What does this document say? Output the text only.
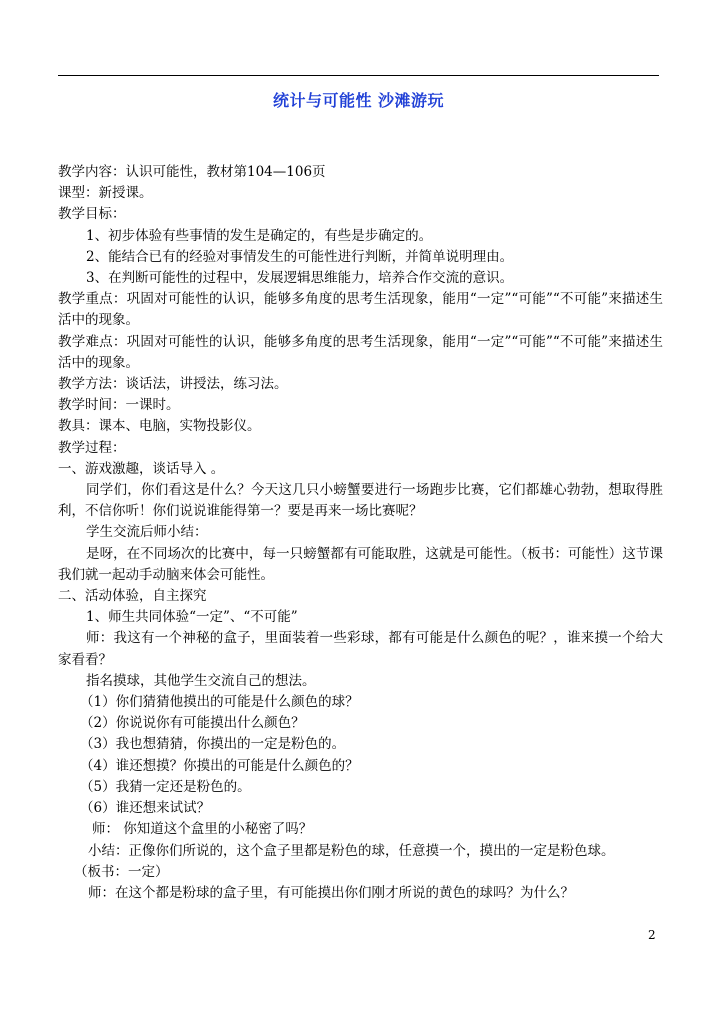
统计与可能性 沙滩游玩

教学内容：认识可能性，教材第104—106页

课型：新授课。

教学目标：

1、初步体验有些事情的发生是确定的，有些是步确定的。

2、能结合已有的经验对事情发生的可能性进行判断，并简单说明理由。

3、在判断可能性的过程中，发展逻辑思维能力，培养合作交流的意识。

教学重点：巩固对可能性的认识，能够多角度的思考生活现象，能用“一定”“可能”“不可能”来描述生活中的现象。

教学难点：巩固对可能性的认识，能够多角度的思考生活现象，能用“一定”“可能”“不可能”来描述生活中的现象。

教学方法：谈话法，讲授法，练习法。

教学时间：一课时。

教具：课本、电脑，实物投影仪。

教学过程：

一、游戏激趣，谈话导入 。

同学们，你们看这是什么？今天这几只小螃蟹要进行一场跑步比赛，它们都雄心勃勃，想取得胜利，不信你听！你们说说谁能得第一？要是再来一场比赛呢？

学生交流后师小结：

是呀，在不同场次的比赛中，每一只螃蟹都有可能取胜，这就是可能性。（板书：可能性）这节课我们就一起动手动脑来体会可能性。

二、活动体验，自主探究

1、师生共同体验“一定”、“不可能”

师：我这有一个神秘的盒子，里面装着一些彩球，都有可能是什么颜色的呢？，谁来摸一个给大家看看？

指名摸球，其他学生交流自己的想法。

（1）你们猜猜他摸出的可能是什么颜色的球？

（2）你说说你有可能摸出什么颜色？

（3）我也想猜猜，你摸出的一定是粉色的。

（4）谁还想摸？你摸出的可能是什么颜色的？

（5）我猜一定还是粉色的。

（6）谁还想来试试？

师： 你知道这个盒里的小秘密了吗？

小结：正像你们所说的，这个盒子里都是粉色的球，任意摸一个，摸出的一定是粉色球。

（板书：一定）

师：在这个都是粉球的盒子里，有可能摸出你们刚才所说的黄色的球吗？为什么？

2
